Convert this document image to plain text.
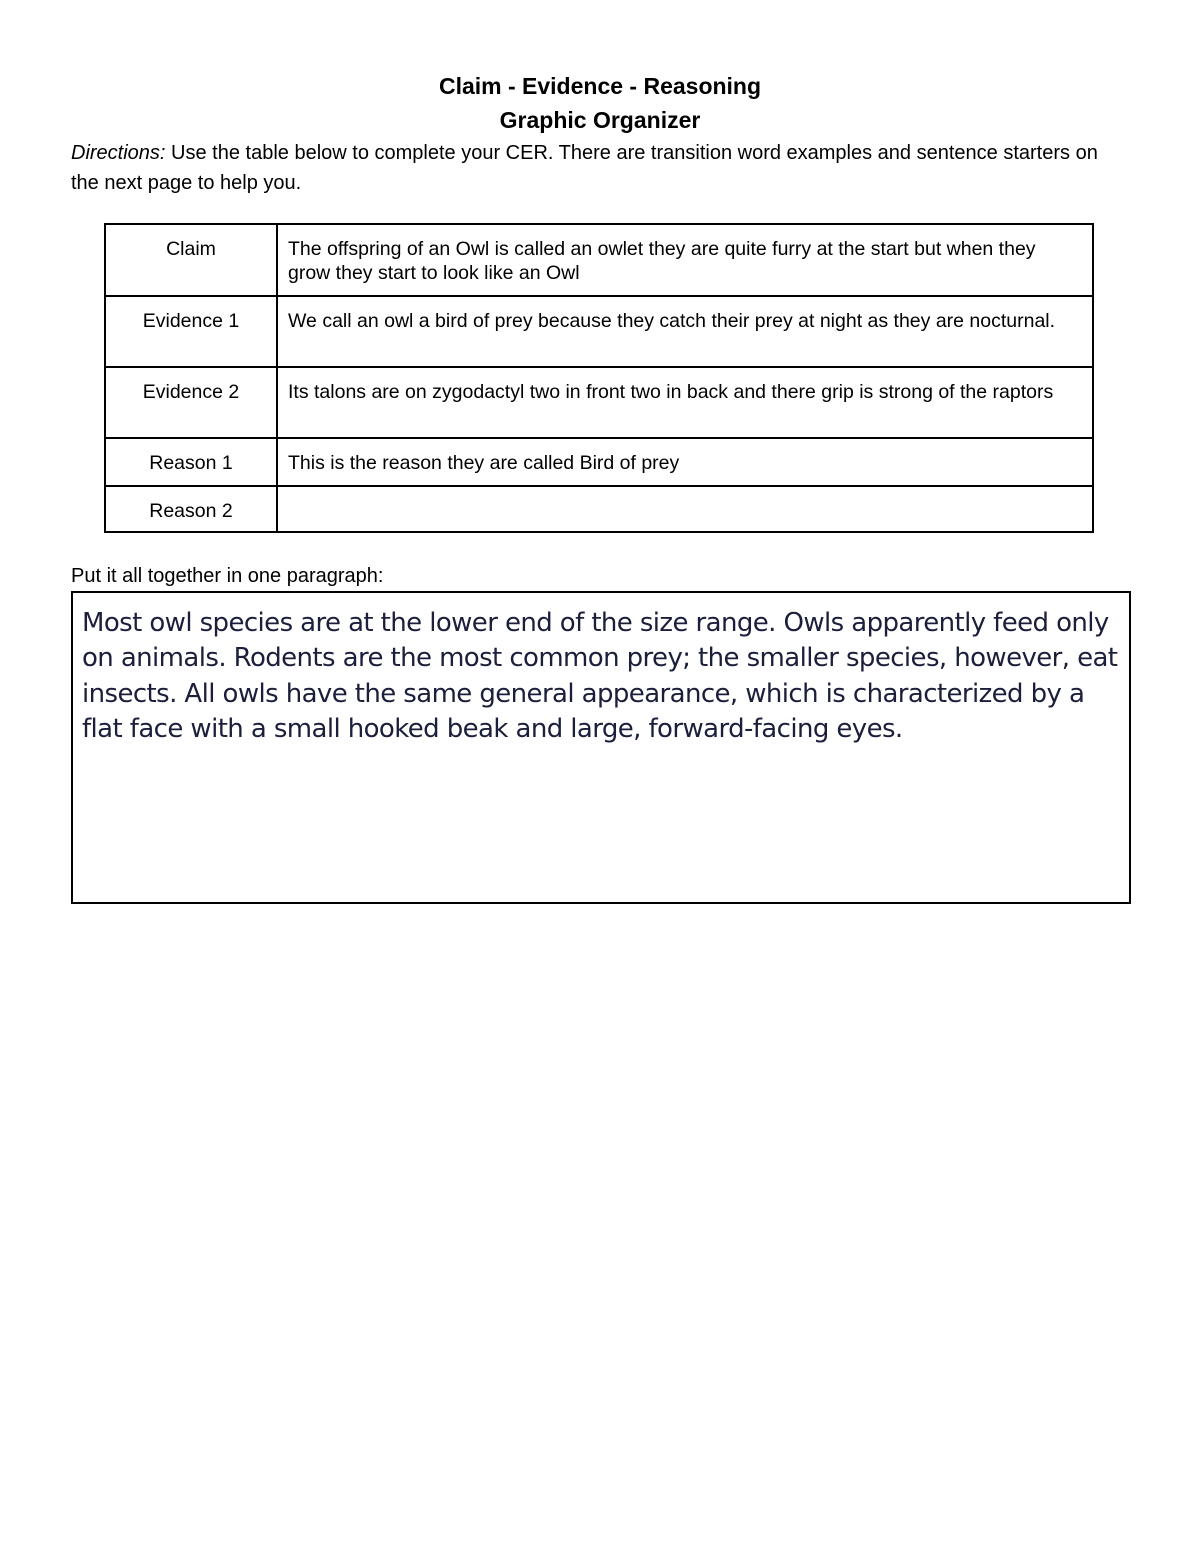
Claim - Evidence - Reasoning
Graphic Organizer
Directions: Use the table below to complete your CER. There are transition word examples and sentence starters on the next page to help you.
Claim	The offspring of an Owl is called an owlet they are quite furry at the start but when they grow they start to look like an Owl
Evidence 1	We call an owl a bird of prey because they catch their prey at night as they are nocturnal.
Evidence 2	Its talons are on zygodactyl two in front two in back and there grip is strong of the raptors
Reason 1	This is the reason they are called Bird of prey
Reason 2	
Put it all together in one paragraph:
Most owl species are at the lower end of the size range. Owls apparently feed only on animals. Rodents are the most common prey; the smaller species, however, eat insects. All owls have the same general appearance, which is characterized by a flat face with a small hooked beak and large, forward-facing eyes.
